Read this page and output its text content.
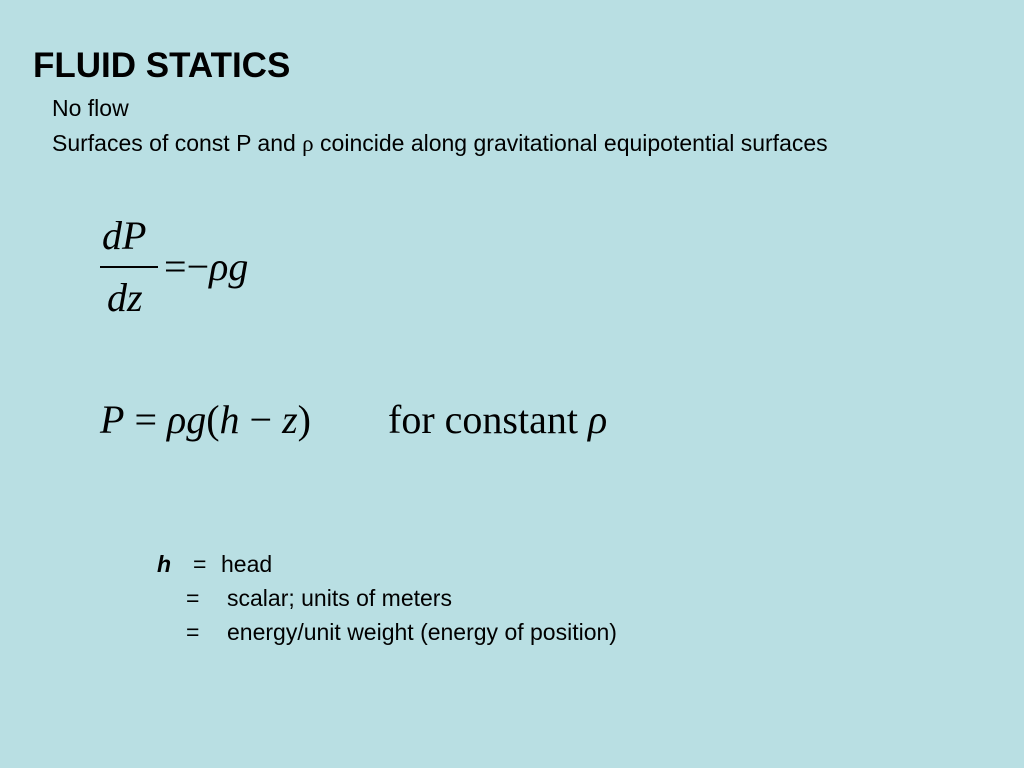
FLUID STATICS
No flow
Surfaces of const P and ρ coincide along gravitational equipotential surfaces
dP
dz
=−ρg
P = ρg(h − z) for constant ρ
h = head
= scalar; units of meters
= energy/unit weight (energy of position)
